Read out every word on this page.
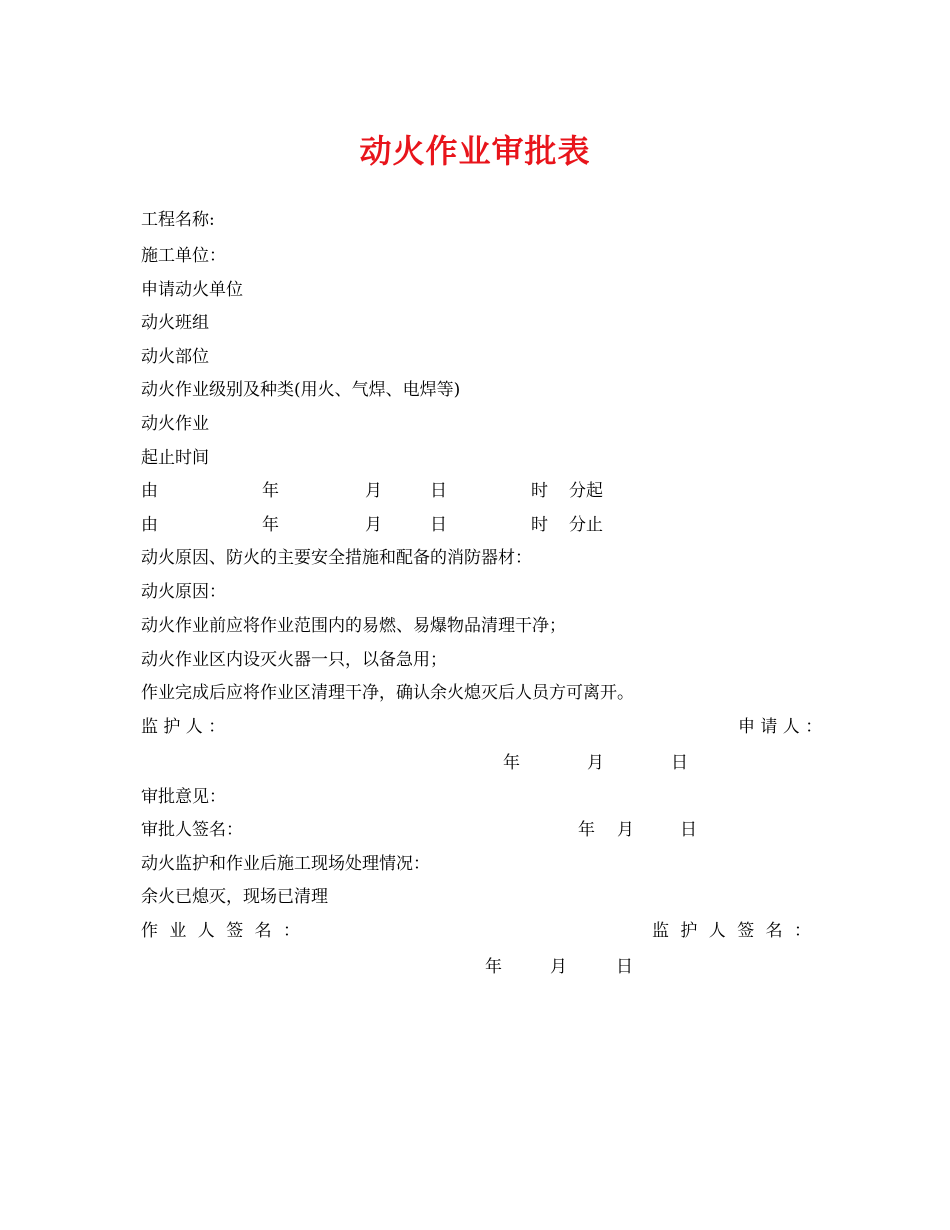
动火作业审批表
工程名称:
施工单位：
申请动火单位
动火班组
动火部位
动火作业级别及种类(用火、气焊、电焊等)
动火作业
起止时间
由	年	月	日	时 分起
由	年	月	日	时 分止
动火原因、防火的主要安全措施和配备的消防器材：
动火原因：
动火作业前应将作业范围内的易燃、易爆物品清理干净；
动火作业区内设灭火器一只，以备急用；
作业完成后应将作业区清理干净，确认余火熄灭后人员方可离开。
监 护 人 ：	申 请 人 ：
年	月	日
审批意见：
审批人签名：	年 月	日
动火监护和作业后施工现场处理情况：
余火已熄灭，现场已清理
作 业 人 签 名 ：	监 护 人 签 名 ：
年	月	日
